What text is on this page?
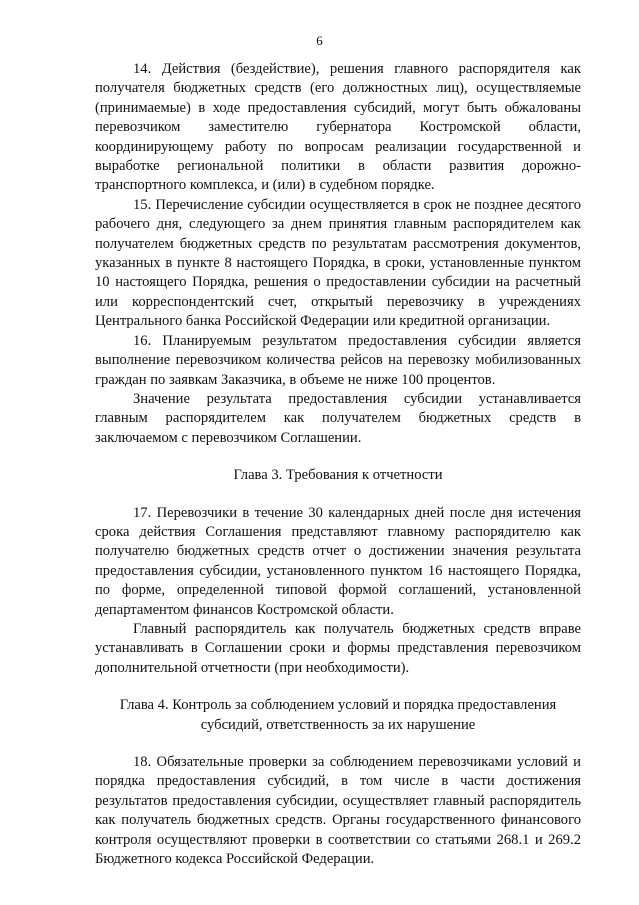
6

14. Действия (бездействие), решения главного распорядителя как получателя бюджетных средств (его должностных лиц), осуществляемые (принимаемые) в ходе предоставления субсидий, могут быть обжалованы перевозчиком заместителю губернатора Костромской области, координирующему работу по вопросам реализации государственной и выработке региональной политики в области развития дорожно-транспортного комплекса, и (или) в судебном порядке.

15. Перечисление субсидии осуществляется в срок не позднее десятого рабочего дня, следующего за днем принятия главным распорядителем как получателем бюджетных средств по результатам рассмотрения документов, указанных в пункте 8 настоящего Порядка, в сроки, установленные пунктом 10 настоящего Порядка, решения о предоставлении субсидии на расчетный или корреспондентский счет, открытый перевозчику в учреждениях Центрального банка Российской Федерации или кредитной организации.

16. Планируемым результатом предоставления субсидии является выполнение перевозчиком количества рейсов на перевозку мобилизованных граждан по заявкам Заказчика, в объеме не ниже 100 процентов.

Значение результата предоставления субсидии устанавливается главным распорядителем как получателем бюджетных средств в заключаемом с перевозчиком Соглашении.

Глава 3. Требования к отчетности

17. Перевозчики в течение 30 календарных дней после дня истечения срока действия Соглашения представляют главному распорядителю как получателю бюджетных средств отчет о достижении значения результата предоставления субсидии, установленного пунктом 16 настоящего Порядка, по форме, определенной типовой формой соглашений, установленной департаментом финансов Костромской области.

Главный распорядитель как получатель бюджетных средств вправе устанавливать в Соглашении сроки и формы представления перевозчиком дополнительной отчетности (при необходимости).

Глава 4. Контроль за соблюдением условий и порядка предоставления субсидий, ответственность за их нарушение

18. Обязательные проверки за соблюдением перевозчиками условий и порядка предоставления субсидий, в том числе в части достижения результатов предоставления субсидии, осуществляет главный распорядитель как получатель бюджетных средств. Органы государственного финансового контроля осуществляют проверки в соответствии со статьями 268.1 и 269.2 Бюджетного кодекса Российской Федерации.
